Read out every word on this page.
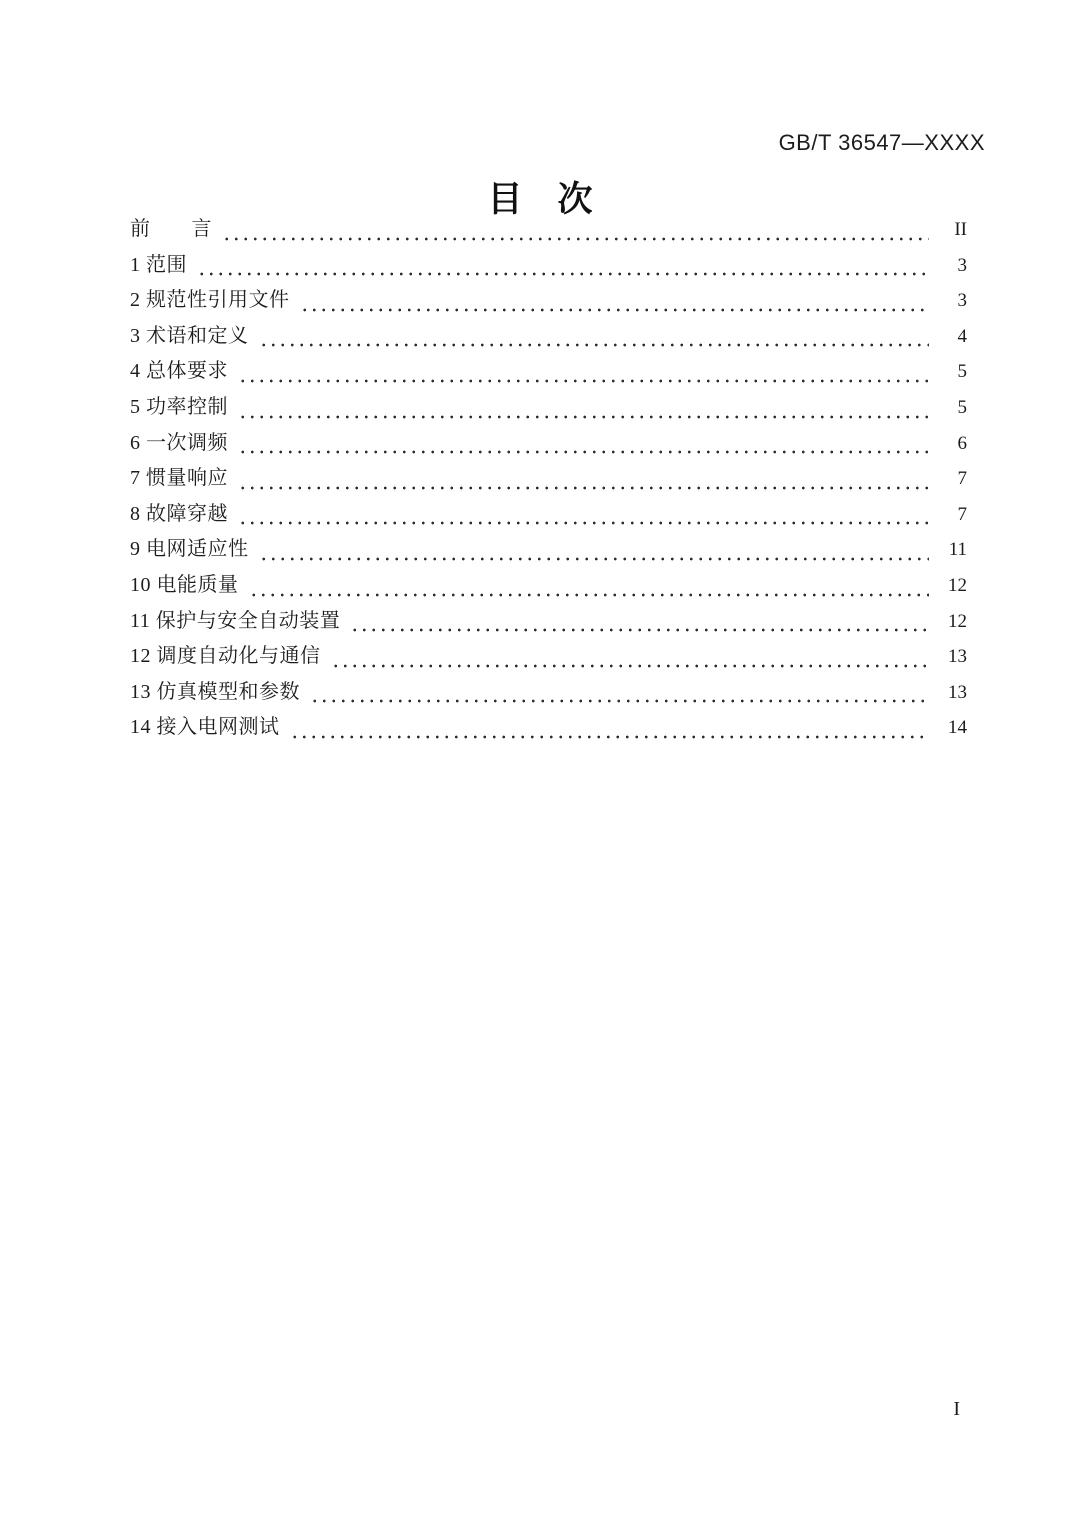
GB/T 36547—XXXX
目　次
前　　言	II
1 范围	3
2 规范性引用文件	3
3 术语和定义	4
4 总体要求	5
5 功率控制	5
6 一次调频	6
7 惯量响应	7
8 故障穿越	7
9 电网适应性	11
10 电能质量	12
11 保护与安全自动装置	12
12 调度自动化与通信	13
13 仿真模型和参数	13
14 接入电网测试	14
I
